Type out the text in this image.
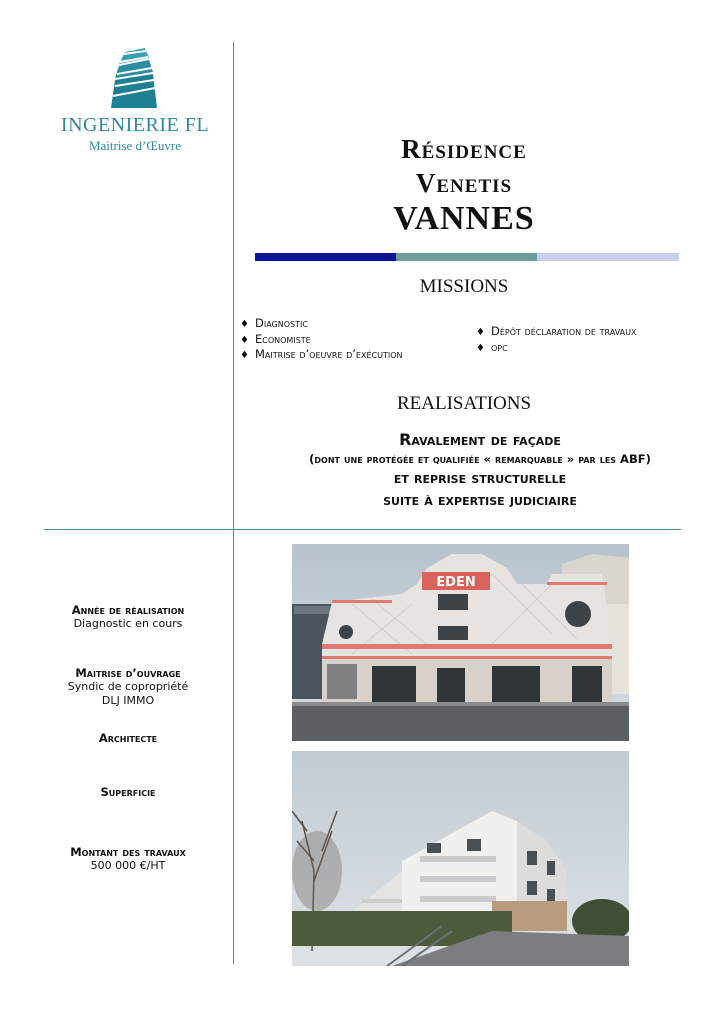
INGENIERIE FL
Maitrise d’Œuvre	Résidence
Venetis
VANNES
MISSIONS
♦ Diagnostic
♦ Economiste
♦ Maitrise d’oeuvre d’exécution
♦ Dépôt déclaration de travaux
♦ opc
REALISATIONS
Ravalement de façade
(dont une protégée et qualifiée « remarquable » par les ABF)
et reprise structurelle
suite à expertise judiciaire
Année de réalisation
Diagnostic en cours
Maitrise d’ouvrage
Syndic de copropriété
DLJ IMMO
Architecte
Superficie
Montant des travaux
500 000 €/HT
EDEN
